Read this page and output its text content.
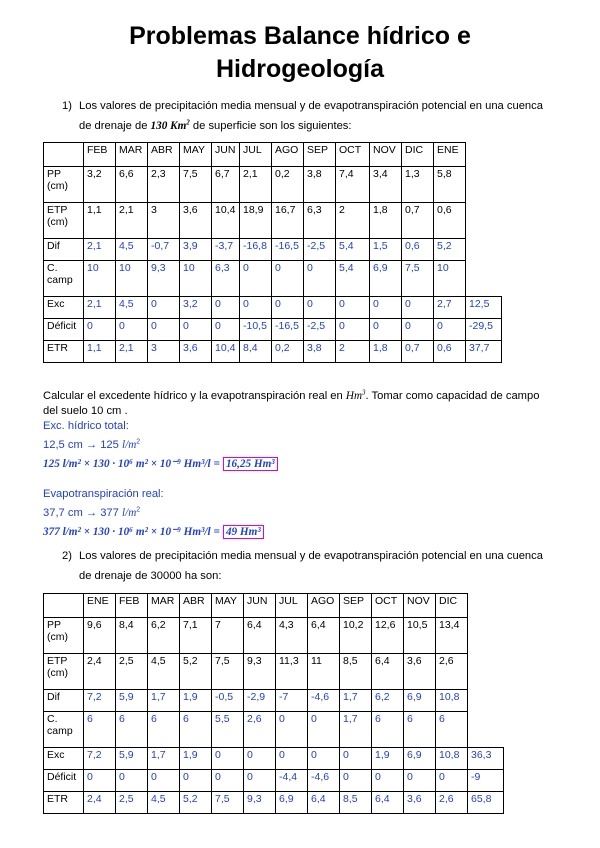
Problemas Balance hídrico e
Hidrogeología
1) Los valores de precipitación media mensual y de evapotranspiración potencial en una cuenca
de drenaje de 130 Km$^2$ de superficie son los siguientes:
	FEB	MAR	ABR	MAY	JUN	JUL	AGO	SEP	OCT	NOV	DIC	ENE	
PP (cm)	3,2	6,6	2,3	7,5	6,7	2,1	0,2	3,8	7,4	3,4	1,3	5,8	
ETP (cm)	1,1	2,1	3	3,6	10,4	18,9	16,7	6,3	2	1,8	0,7	0,6	
Dif	2,1	4,5	-0,7	3,9	-3,7	-16,8	-16,5	-2,5	5,4	1,5	0,6	5,2	
C. camp	10	10	9,3	10	6,3	0	0	0	5,4	6,9	7,5	10	
Exc	2,1	4,5	0	3,2	0	0	0	0	0	0	0	2,7	12,5
Déficit	0	0	0	0	0	-10,5	-16,5	-2,5	0	0	0	0	-29,5
ETR	1,1	2,1	3	3,6	10,4	8,4	0,2	3,8	2	1,8	0,7	0,6	37,7
Calcular el excedente hídrico y la evapotranspiración real en Hm$^3$. Tomar como capacidad de campo
del suelo 10 cm .
Exc. hídrico total:
12,5 cm → 125 $l/m^2$
125 l/m² × 130 · 10⁶ m² × 10⁻⁹ Hm³/l = 16,25 Hm³
Evapotranspiración real:
37,7 cm → 377 $l/m^2$
377 l/m² × 130 · 10⁶ m² × 10⁻⁹ Hm³/l = 49 Hm³
2) Los valores de precipitación media mensual y de evapotranspiración potencial en una cuenca
de drenaje de 30000 ha son:
	ENE	FEB	MAR	ABR	MAY	JUN	JUL	AGO	SEP	OCT	NOV	DIC	
PP (cm)	9,6	8,4	6,2	7,1	7	6,4	4,3	6,4	10,2	12,6	10,5	13,4	
ETP (cm)	2,4	2,5	4,5	5,2	7,5	9,3	11,3	11	8,5	6,4	3,6	2,6	
Dif	7,2	5,9	1,7	1,9	-0,5	-2,9	-7	-4,6	1,7	6,2	6,9	10,8	
C. camp	6	6	6	6	5,5	2,6	0	0	1,7	6	6	6	
Exc	7,2	5,9	1,7	1,9	0	0	0	0	0	1,9	6,9	10,8	36,3
Déficit	0	0	0	0	0	0	-4,4	-4,6	0	0	0	0	-9
ETR	2,4	2,5	4,5	5,2	7,5	9,3	6,9	6,4	8,5	6,4	3,6	2,6	65,8
